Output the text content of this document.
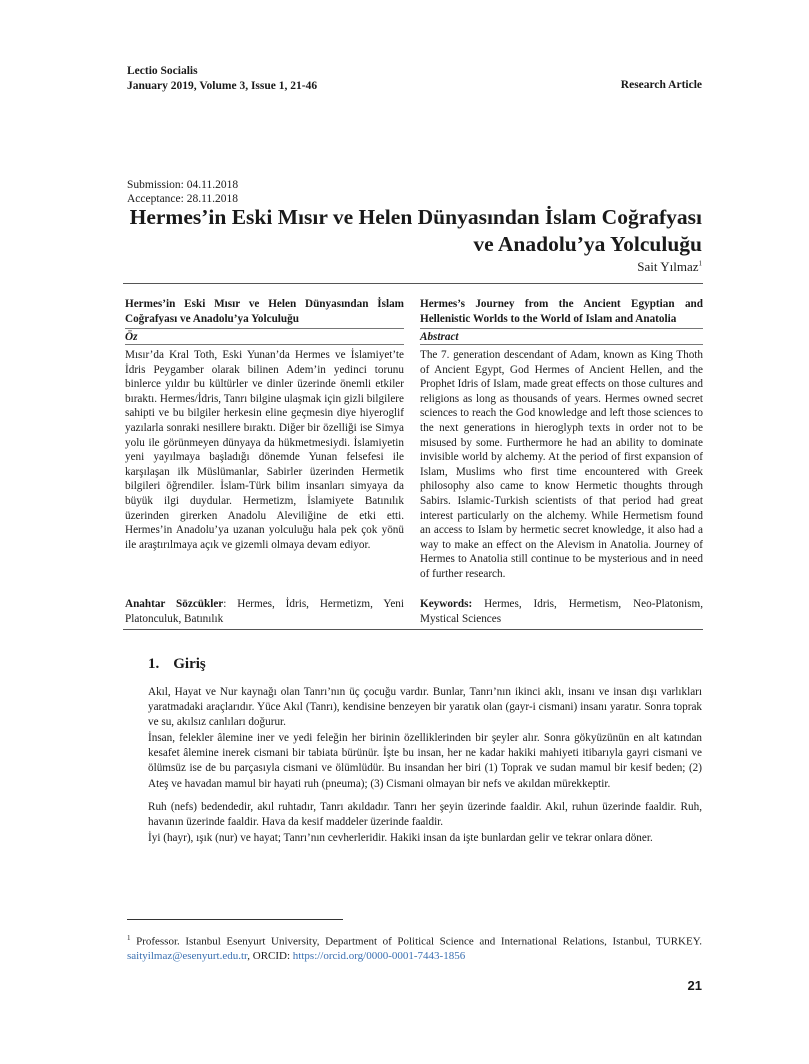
Lectio Socialis
January 2019, Volume 3, Issue 1, 21-46	Research Article
Submission: 04.11.2018
Acceptance: 28.11.2018
Hermes’in Eski Mısır ve Helen Dünyasından İslam Coğrafyası
ve Anadolu’ya Yolculuğu
Sait Yılmaz$^1$
Hermes’in Eski Mısır ve Helen Dünyasından İslam Coğrafyası ve Anadolu’ya Yolculuğu
Öz
Mısır’da Kral Toth, Eski Yunan’da Hermes ve İslamiyet’te İdris Peygamber olarak bilinen Adem’in yedinci torunu binlerce yıldır bu kültürler ve dinler üzerinde önemli etkiler bıraktı. Hermes/İdris, Tanrı bilgine ulaşmak için gizli bilgilere sahipti ve bu bilgiler herkesin eline geçmesin diye hiyeroglif yazılarla sonraki nesillere bıraktı. Diğer bir özelliği ise Simya yolu ile görünmeyen dünyaya da hükmetmesiydi. İslamiyetin yeni yayılmaya başladığı dönemde Yunan felsefesi ile karşılaşan ilk Müslümanlar, Sabirler üzerinden Hermetik bilgileri öğrendiler. İslam-Türk bilim insanları simyaya da büyük ilgi duydular. Hermetizm, İslamiyete Batınılık üzerinden girerken Anadolu Aleviliğine de etki etti. Hermes’in Anadolu’ya uzanan yolculuğu hala pek çok yönü ile araştırılmaya açık ve gizemli olmaya devam ediyor.
Anahtar Sözcükler: Hermes, İdris, Hermetizm, Yeni Platonculuk, Batınılık
Hermes’s Journey from the Ancient Egyptian and Hellenistic Worlds to the World of Islam and Anatolia
Abstract
The 7. generation descendant of Adam, known as King Thoth of Ancient Egypt, God Hermes of Ancient Hellen, and the Prophet Idris of Islam, made great effects on those cultures and religions as long as thousands of years. Hermes owned secret sciences to reach the God knowledge and left those sciences to the next generations in hieroglyph texts in order not to be misused by some. Furthermore he had an ability to dominate invisible world by alchemy. At the period of first expansion of Islam, Muslims who first time encountered with Greek philosophy also came to know Hermetic thoughts through Sabirs. Islamic-Turkish scientists of that period had great interest particularly on the alchemy. While Hermetism found an access to Islam by hermetic secret knowledge, it also had a way to make an effect on the Alevism in Anatolia. Journey of Hermes to Anatolia still continue to be mysterious and in need of further research.
Keywords: Hermes, Idris, Hermetism, Neo-Platonism, Mystical Sciences
1. Giriş
Akıl, Hayat ve Nur kaynağı olan Tanrı’nın üç çocuğu vardır. Bunlar, Tanrı’nın ikinci aklı, insanı ve insan dışı varlıkları yaratmadaki araçlarıdır. Yüce Akıl (Tanrı), kendisine benzeyen bir yaratık olan (gayr-i cismani) insanı yaratır. Sonra toprak ve su, akılsız canlıları doğurur.
İnsan, felekler âlemine iner ve yedi feleğin her birinin özelliklerinden bir şeyler alır. Sonra gökyüzünün en alt katından kesafet âlemine inerek cismani bir tabiata bürünür. İşte bu insan, her ne kadar hakiki mahiyeti itibarıyla gayri cismani ve ölümsüz ise de bu parçasıyla cismani ve ölümlüdür. Bu insandan her biri (1) Toprak ve sudan mamul bir kesif beden; (2) Ateş ve havadan mamul bir hayati ruh (pneuma); (3) Cismani olmayan bir nefs ve akıldan mürekkeptir.
Ruh (nefs) bedendedir, akıl ruhtadır, Tanrı akıldadır. Tanrı her şeyin üzerinde faaldir. Akıl, ruhun üzerinde faaldir. Ruh, havanın üzerinde faaldir. Hava da kesif maddeler üzerinde faaldir.
İyi (hayr), ışık (nur) ve hayat; Tanrı’nın cevherleridir. Hakiki insan da işte bunlardan gelir ve tekrar onlara döner.
$^1$ Professor. Istanbul Esenyurt University, Department of Political Science and International Relations, Istanbul, TURKEY. saityilmaz@esenyurt.edu.tr, ORCID: https://orcid.org/0000-0001-7443-1856
21
